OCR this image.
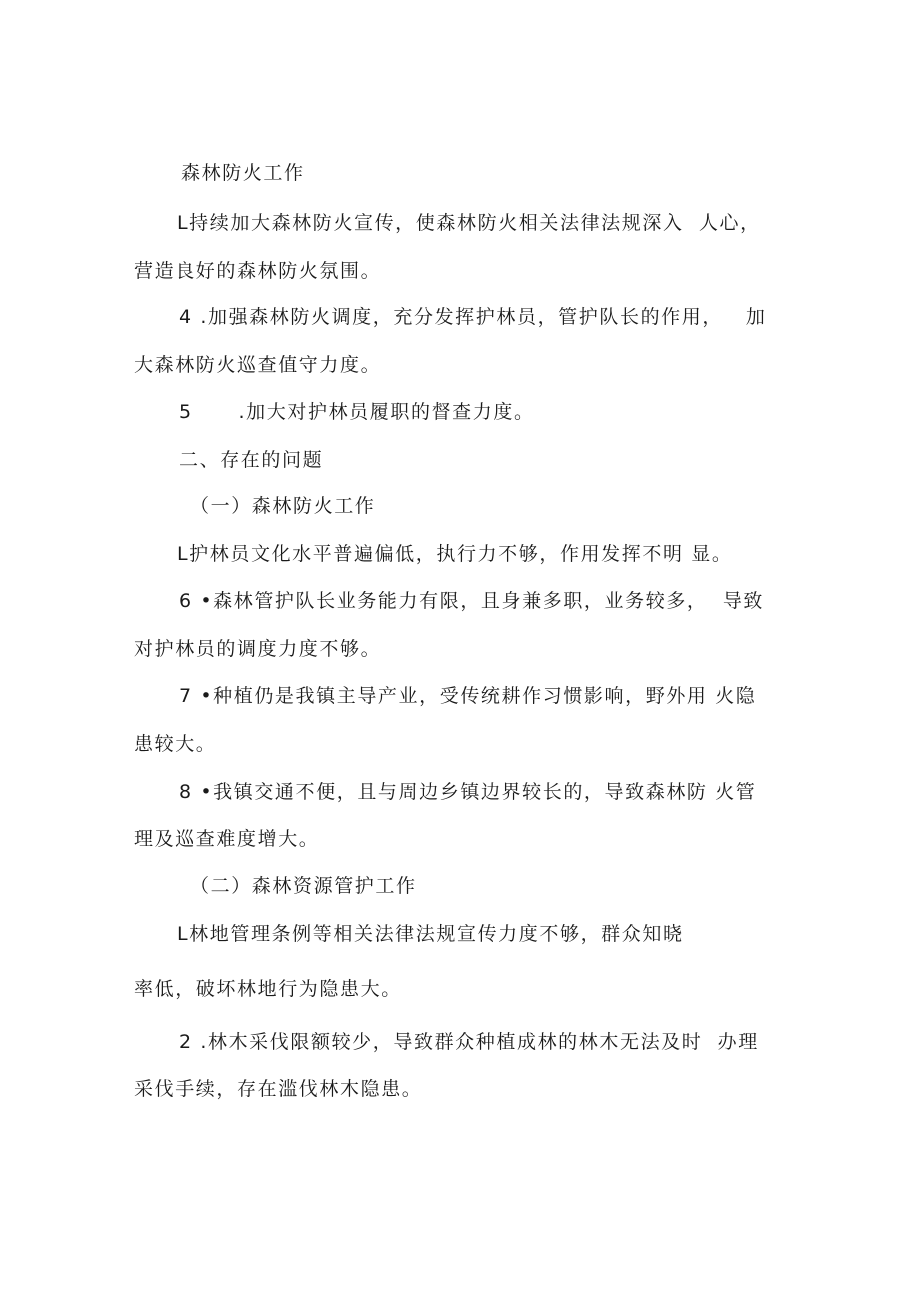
森林防火工作
L持续加大森林防火宣传，使森林防火相关法律法规深入  人心，
营造良好的森林防火氛围。
4 .加强森林防火调度，充分发挥护林员，管护队长的作用，   加
大森林防火巡查值守力度。
5      .加大对护林员履职的督查力度。
二、存在的问题
（一）森林防火工作
L护林员文化水平普遍偏低，执行力不够，作用发挥不明 显。
6 •森林管护队长业务能力有限，且身兼多职，业务较多，  导致
对护林员的调度力度不够。
7 •种植仍是我镇主导产业，受传统耕作习惯影响，野外用 火隐
患较大。
8 •我镇交通不便，且与周边乡镇边界较长的，导致森林防 火管
理及巡查难度增大。
（二）森林资源管护工作
L林地管理条例等相关法律法规宣传力度不够，群众知晓
率低，破坏林地行为隐患大。
2 .林木采伐限额较少，导致群众种植成林的林木无法及时  办理
采伐手续，存在滥伐林木隐患。
